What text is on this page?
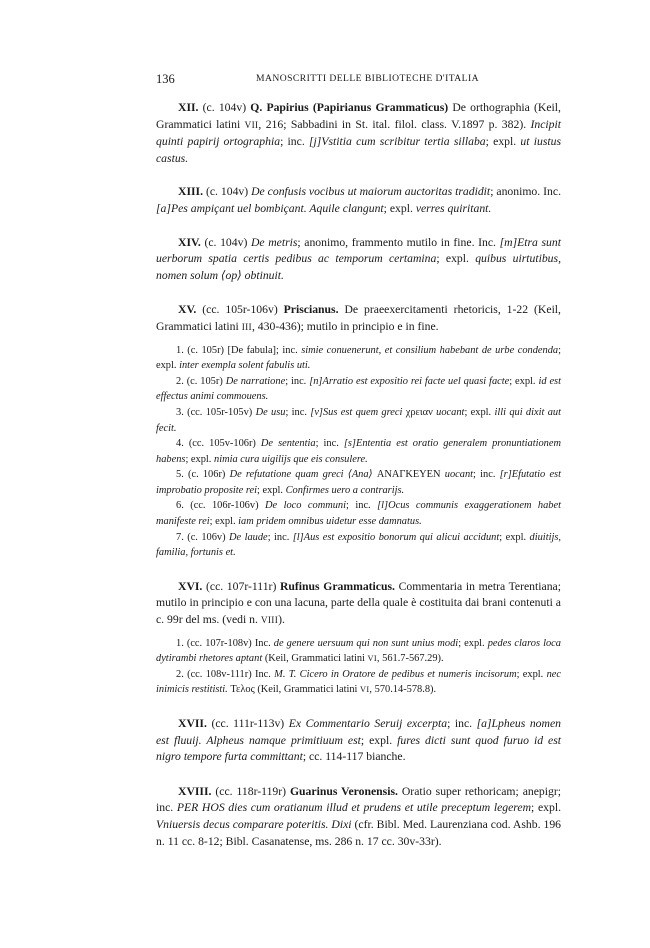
136	MANOSCRITTI DELLE BIBLIOTECHE D'ITALIA

XII. (c. 104v) Q. Papirius (Papirianus Grammaticus) De orthographia (Keil, Grammatici latini VII, 216; Sabbadini in St. ital. filol. class. V.1897 p. 382). Incipit quinti papirij ortographia; inc. [j]Vstitia cum scribitur tertia sillaba; expl. ut iustus castus.

XIII. (c. 104v) De confusis vocibus ut maiorum auctoritas tradidit; anonimo. Inc. [a]Pes ampiçant uel bombiçant. Aquile clangunt; expl. verres quiritant.

XIV. (c. 104v) De metris; anonimo, frammento mutilo in fine. Inc. [m]Etra sunt uerborum spatia certis pedibus ac temporum certamina; expl. quibus uirtutibus, nomen solum ⟨op⟩ obtinuit.

XV. (cc. 105r-106v) Priscianus. De praeexercitamenti rhetoricis, 1-22 (Keil, Grammatici latini III, 430-436); mutilo in principio e in fine.

1. (c. 105r) [De fabula]; inc. simie conuenerunt, et consilium habebant de urbe condenda; expl. inter exempla solent fabulis uti.

2. (c. 105r) De narratione; inc. [n]Arratio est expositio rei facte uel quasi facte; expl. id est effectus animi commouens.

3. (cc. 105r-105v) De usu; inc. [v]Sus est quem greci χρειαν uocant; expl. illi qui dixit aut fecit.

4. (cc. 105v-106r) De sententia; inc. [s]Ententia est oratio generalem pronuntiationem habens; expl. nimia cura uigilijs que eis consulere.

5. (c. 106r) De refutatione quam greci ⟨Ana⟩ ΑΝΑΓΚΕΥΕΝ uocant; inc. [r]Efutatio est improbatio proposite rei; expl. Confirmes uero a contrarijs.

6. (cc. 106r-106v) De loco communi; inc. [l]Ocus communis exaggerationem habet manifeste rei; expl. iam pridem omnibus uidetur esse damnatus.

7. (c. 106v) De laude; inc. [l]Aus est expositio bonorum qui alicui accidunt; expl. diuitijs, familia, fortunis et.

XVI. (cc. 107r-111r) Rufinus Grammaticus. Commentaria in metra Terentiana; mutilo in principio e con una lacuna, parte della quale è costituita dai brani contenuti a c. 99r del ms. (vedi n. VIII).

1. (cc. 107r-108v) Inc. de genere uersuum qui non sunt unius modi; expl. pedes claros loca dytirambi rhetores aptant (Keil, Grammatici latini VI, 561.7-567.29).

2. (cc. 108v-111r) Inc. M. T. Cicero in Oratore de pedibus et numeris incisorum; expl. nec inimicis restitisti. Τελος (Keil, Grammatici latini VI, 570.14-578.8).

XVII. (cc. 111r-113v) Ex Commentario Seruij excerpta; inc. [a]Lpheus nomen est fluuij. Alpheus namque primitiuum est; expl. fures dicti sunt quod furuo id est nigro tempore furta committant; cc. 114-117 bianche.

XVIII. (cc. 118r-119r) Guarinus Veronensis. Oratio super rethoricam; anepigr; inc. PER HOS dies cum oratianum illud et prudens et utile preceptum legerem; expl. Vniuersis decus comparare poteritis. Dixi (cfr. Bibl. Med. Laurenziana cod. Ashb. 196 n. 11 cc. 8-12; Bibl. Casanatense, ms. 286 n. 17 cc. 30v-33r).
